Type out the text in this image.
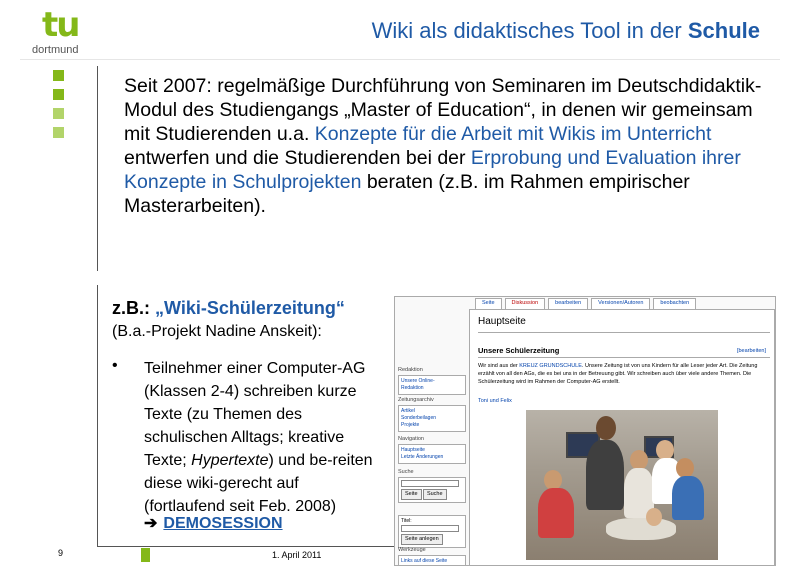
tu
dortmund
Wiki als didaktisches Tool in der Schule
Seit 2007: regelmäßige Durchführung von Seminaren im Deutschdidaktik-Modul des Studiengangs „Master of Education“, in denen wir gemeinsam mit Studierenden u.a. Konzepte für die Arbeit mit Wikis im Unterricht entwerfen und die Studierenden bei der Erprobung und Evaluation ihrer Konzepte in Schulprojekten beraten (z.B. im Rahmen empirischer Masterarbeiten).
z.B.: „Wiki-Schülerzeitung“
(B.a.-Projekt Nadine Anskeit):
• Teilnehmer einer Computer-AG (Klassen 2-4) schreiben kurze Texte (zu Themen des schulischen Alltags; kreative Texte; Hypertexte) und be-reiten diese wiki-gerecht auf (fortlaufend seit Feb. 2008)
➔ DEMOSESSION
9	1. April 2011
Seite	Diskussion	bearbeiten	Versionen/Autoren	beobachten
Redaktion
Unsere Online-
Redaktion
Zeitungsarchiv
Artikel
Sonderbeilagen
Projekte
Navigation
Hauptseite
Letzte Änderungen
Suche
Seite Suche
Titel:
Seite anlegen
Werkzeuge
Links auf diese Seite
Hauptseite
Unsere Schülerzeitung	[bearbeiten]
Wir sind aus der KREUZ GRUNDSCHULE. Unsere Zeitung ist von uns Kindern für alle Leser jeder Art. Die Zeitung erzählt von all den AGs, die es bei uns in der Betreuung gibt. Wir schreiben auch über viele andere Themen. Die Schülerzeitung wird im Rahmen der Computer-AG erstellt.
Toni und Felix
